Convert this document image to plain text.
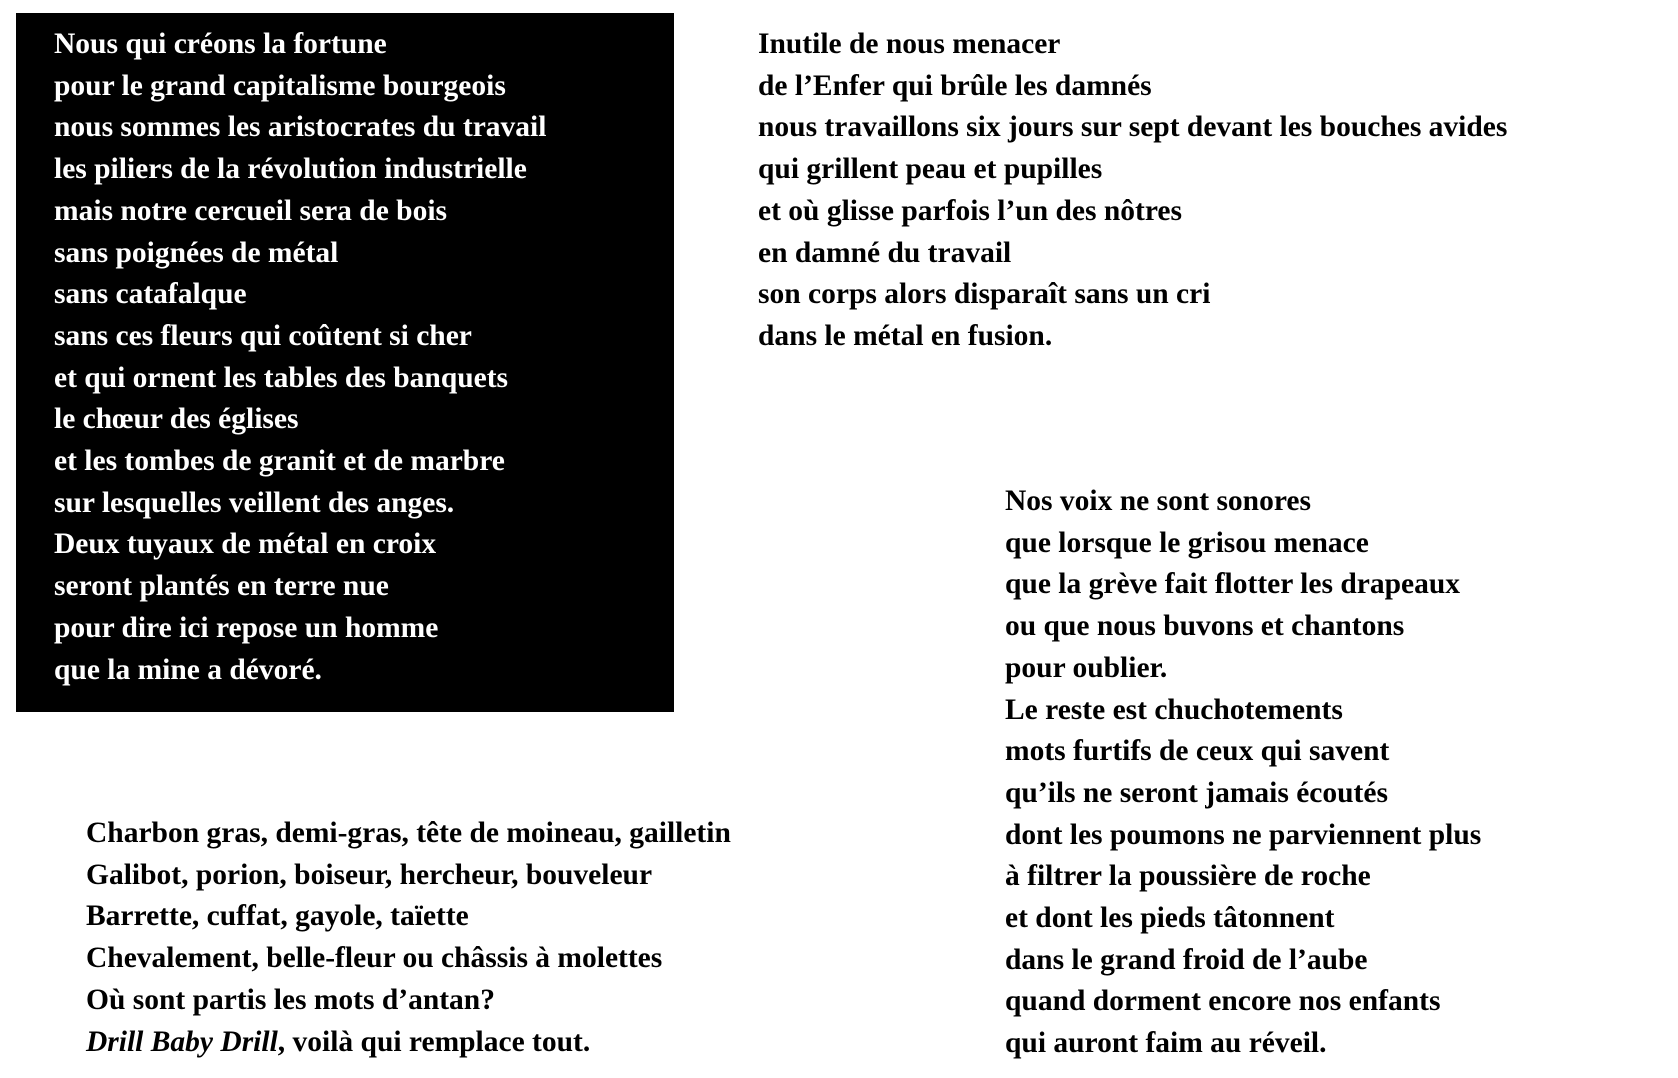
Nous qui créons la fortune
pour le grand capitalisme bourgeois
nous sommes les aristocrates du travail
les piliers de la révolution industrielle
mais notre cercueil sera de bois
sans poignées de métal
sans catafalque
sans ces fleurs qui coûtent si cher
et qui ornent les tables des banquets
le chœur des églises
et les tombes de granit et de marbre
sur lesquelles veillent des anges.
Deux tuyaux de métal en croix
seront plantés en terre nue
pour dire ici repose un homme
que la mine a dévoré.
Inutile de nous menacer
de l’Enfer qui brûle les damnés
nous travaillons six jours sur sept devant les bouches avides
qui grillent peau et pupilles
et où glisse parfois l’un des nôtres
en damné du travail
son corps alors disparaît sans un cri
dans le métal en fusion.
Nos voix ne sont sonores
que lorsque le grisou menace
que la grève fait flotter les drapeaux
ou que nous buvons et chantons
pour oublier.
Le reste est chuchotements
mots furtifs de ceux qui savent
qu’ils ne seront jamais écoutés
dont les poumons ne parviennent plus
à filtrer la poussière de roche
et dont les pieds tâtonnent
dans le grand froid de l’aube
quand dorment encore nos enfants
qui auront faim au réveil.
Charbon gras, demi-gras, tête de moineau, gailletin
Galibot, porion, boiseur, hercheur, bouveleur
Barrette, cuffat, gayole, taïette
Chevalement, belle-fleur ou châssis à molettes
Où sont partis les mots d’antan?
Drill Baby Drill, voilà qui remplace tout.
